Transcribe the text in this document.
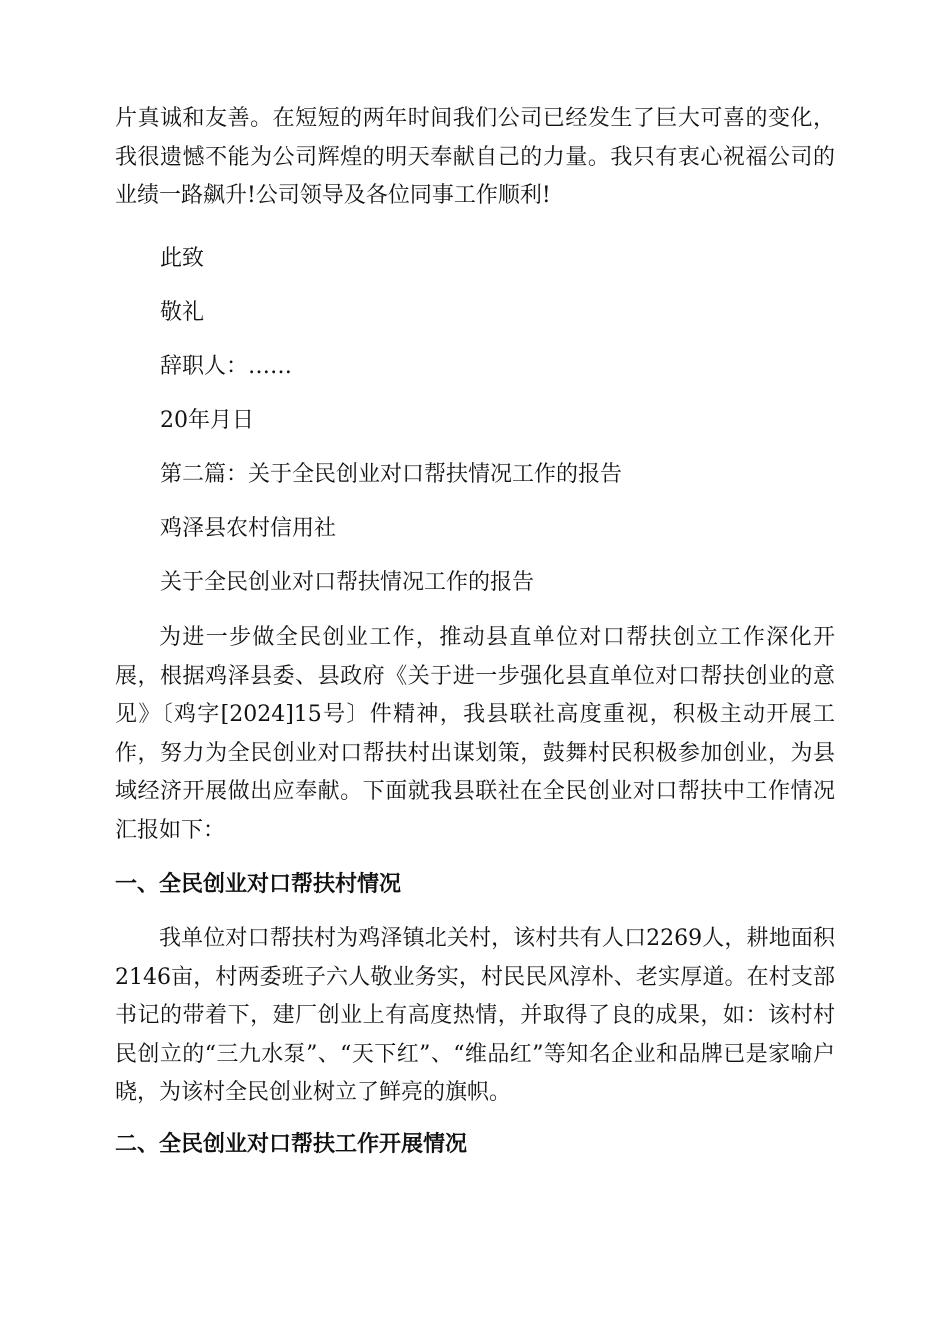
片真诚和友善。在短短的两年时间我们公司已经发生了巨大可喜的变化，我很遗憾不能为公司辉煌的明天奉献自己的力量。我只有衷心祝福公司的业绩一路飙升!公司领导及各位同事工作顺利!

此致
敬礼
辞职人：……
20年月日
第二篇：关于全民创业对口帮扶情况工作的报告
鸡泽县农村信用社
关于全民创业对口帮扶情况工作的报告

为进一步做全民创业工作，推动县直单位对口帮扶创立工作深化开展，根据鸡泽县委、县政府《关于进一步强化县直单位对口帮扶创业的意见》〔鸡字[2024]15号〕件精神，我县联社高度重视，积极主动开展工作，努力为全民创业对口帮扶村出谋划策，鼓舞村民积极参加创业，为县域经济开展做出应奉献。下面就我县联社在全民创业对口帮扶中工作情况汇报如下：

一、全民创业对口帮扶村情况

我单位对口帮扶村为鸡泽镇北关村，该村共有人口2269人，耕地面积2146亩，村两委班子六人敬业务实，村民民风淳朴、老实厚道。在村支部书记的带着下，建厂创业上有高度热情，并取得了良的成果，如：该村村民创立的“三九水泵”、“天下红”、“维品红”等知名企业和品牌已是家喻户晓，为该村全民创业树立了鲜亮的旗帜。

二、全民创业对口帮扶工作开展情况
